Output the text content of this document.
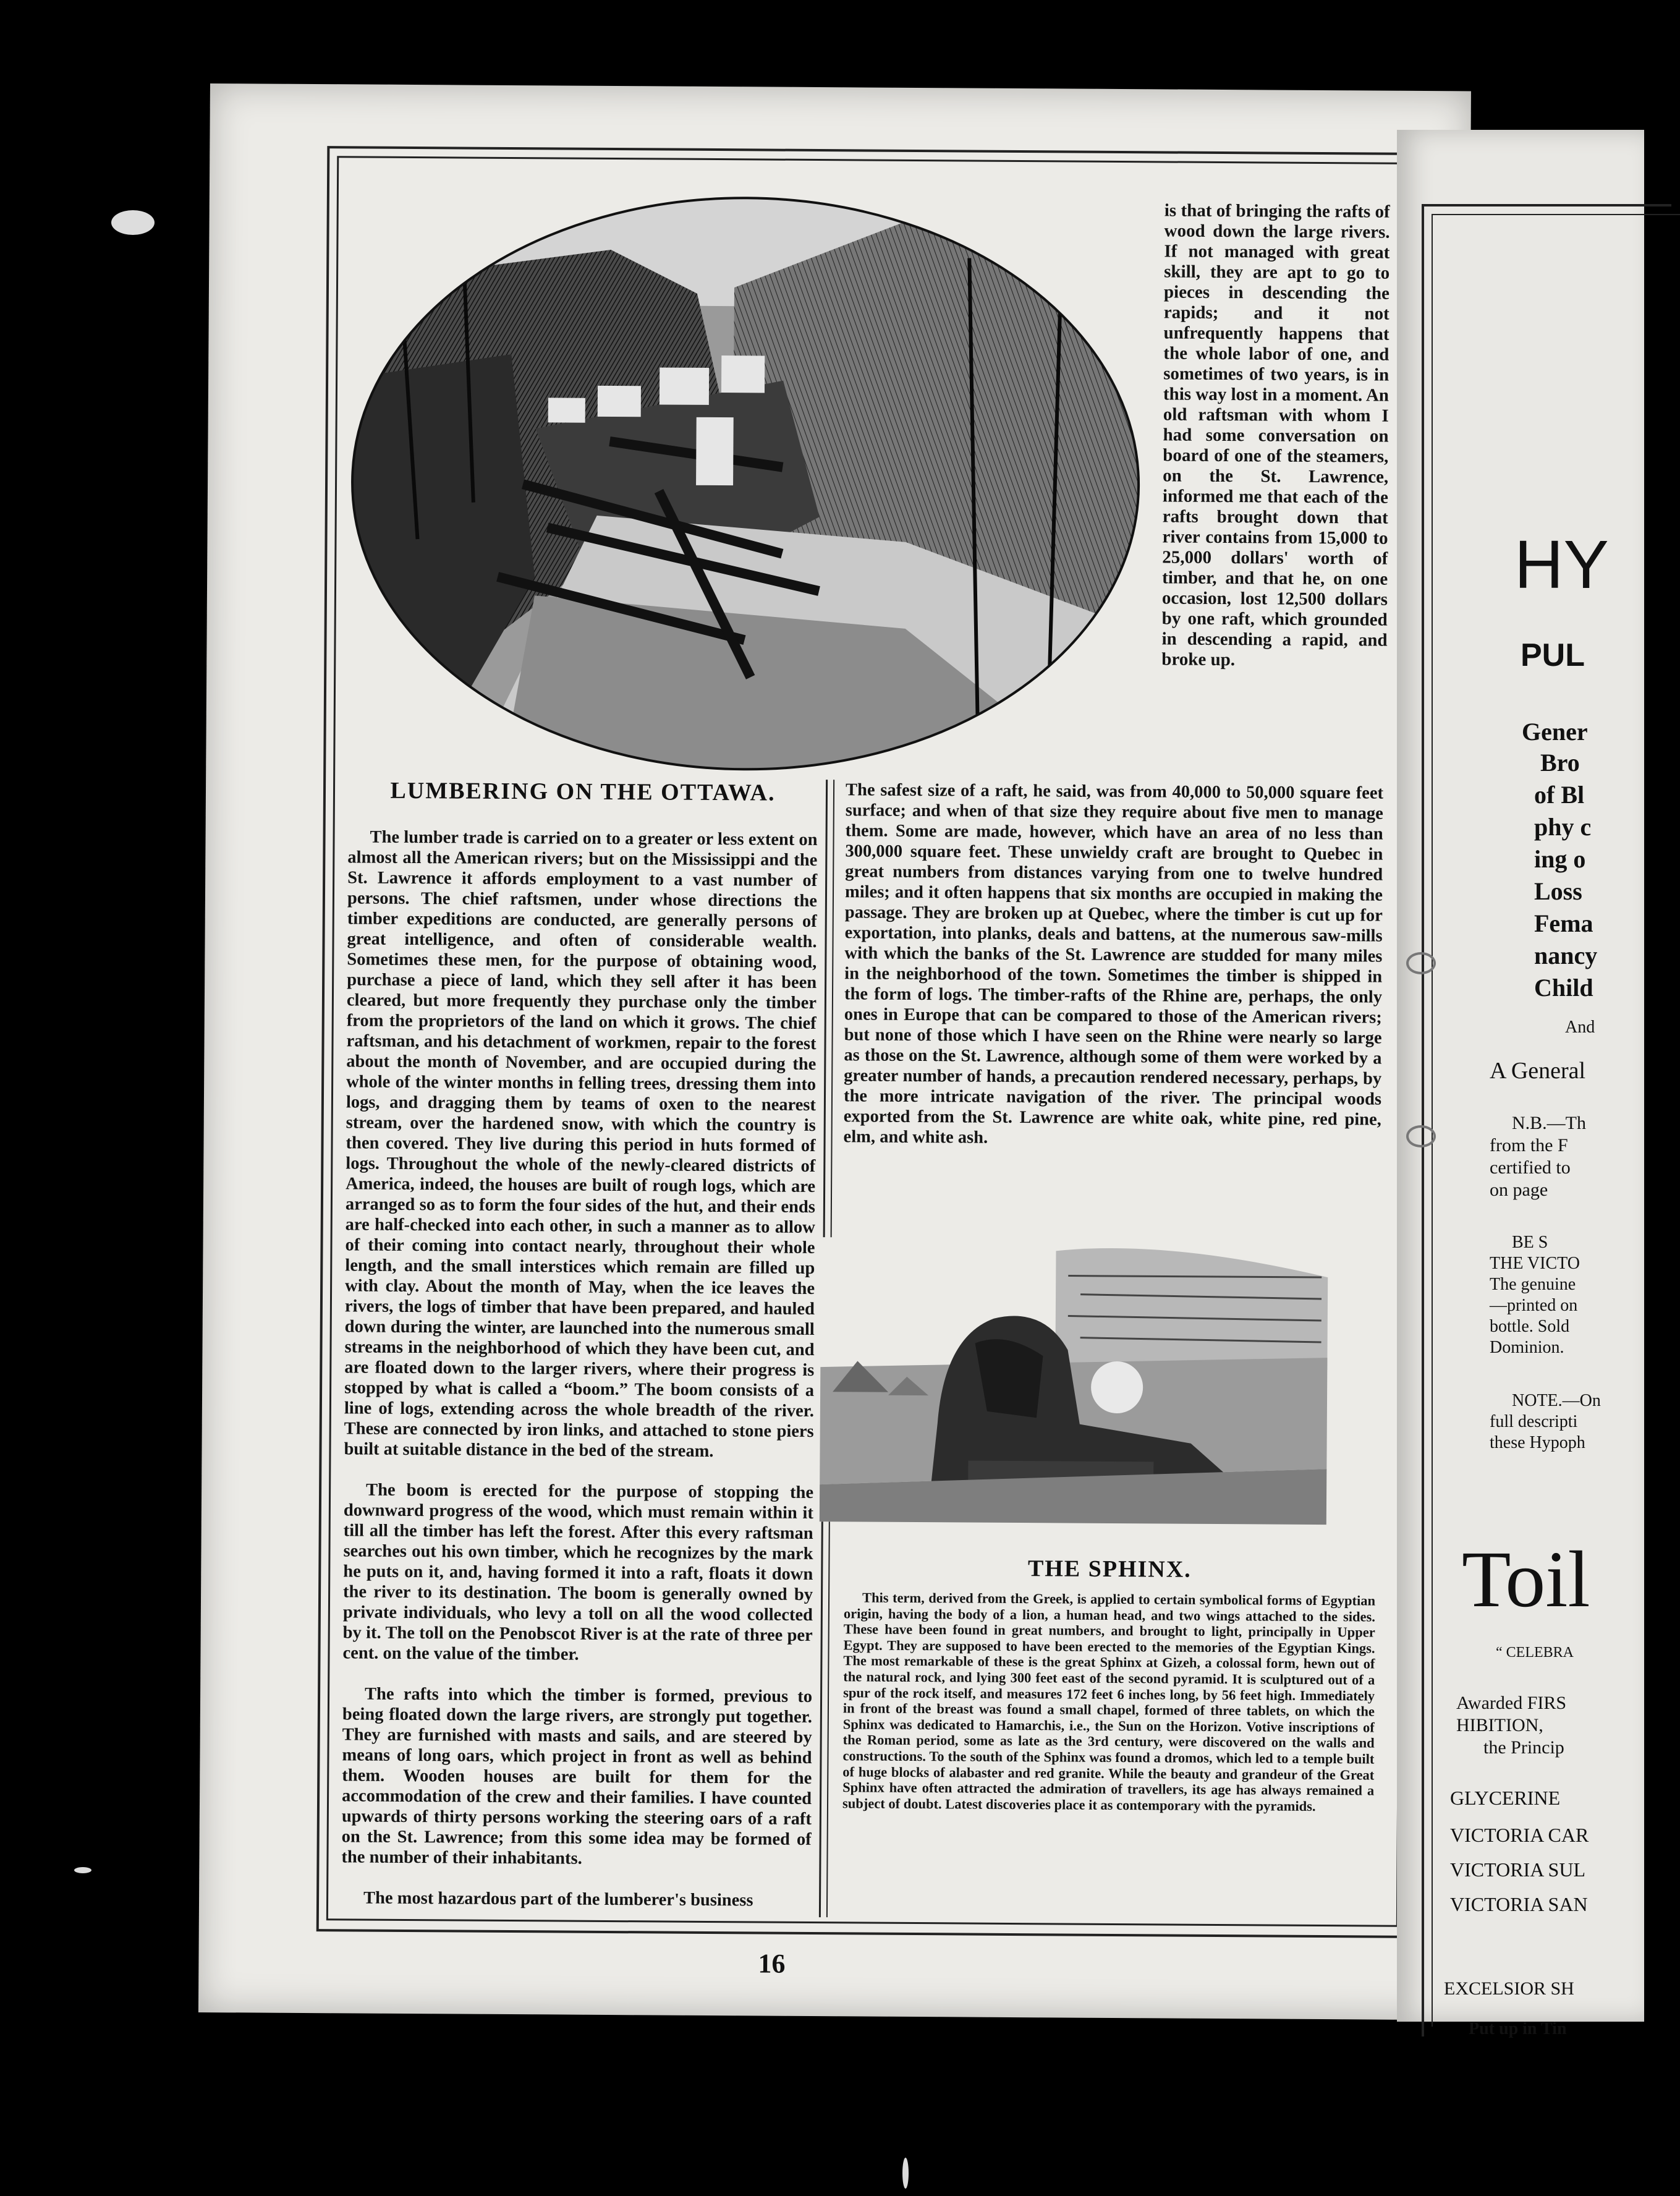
is that of bringing the rafts of wood down the large rivers. If not managed with great skill, they are apt to go to pieces in descending the rapids; and it not unfrequently happens that the whole labor of one, and sometimes of two years, is in this way lost in a moment. An old raftsman with whom I had some conversation on board of one of the steamers, on the St. Lawrence, informed me that each of the rafts brought down that river contains from 15,000 to 25,000 dollars' worth of timber, and that he, on one occasion, lost 12,500 dollars by one raft, which grounded in descending a rapid, and broke up.
LUMBERING ON THE OTTAWA.

The lumber trade is carried on to a greater or less extent on almost all the American rivers; but on the Mississippi and the St. Lawrence it affords employment to a vast number of persons. The chief raftsmen, under whose directions the timber expeditions are conducted, are generally persons of great intelligence, and often of considerable wealth. Sometimes these men, for the purpose of obtaining wood, purchase a piece of land, which they sell after it has been cleared, but more frequently they purchase only the timber from the proprietors of the land on which it grows. The chief raftsman, and his detachment of workmen, repair to the forest about the month of November, and are occupied during the whole of the winter months in felling trees, dressing them into logs, and dragging them by teams of oxen to the nearest stream, over the hardened snow, with which the country is then covered. They live during this period in huts formed of logs. Throughout the whole of the newly-cleared districts of America, indeed, the houses are built of rough logs, which are arranged so as to form the four sides of the hut, and their ends are half-checked into each other, in such a manner as to allow of their coming into contact nearly, throughout their whole length, and the small interstices which remain are filled up with clay. About the month of May, when the ice leaves the rivers, the logs of timber that have been prepared, and hauled down during the winter, are launched into the numerous small streams in the neighborhood of which they have been cut, and are floated down to the larger rivers, where their progress is stopped by what is called a “boom.” The boom consists of a line of logs, extending across the whole breadth of the river. These are connected by iron links, and attached to stone piers built at suitable distance in the bed of the stream.

The boom is erected for the purpose of stopping the downward progress of the wood, which must remain within it till all the timber has left the forest. After this every raftsman searches out his own timber, which he recognizes by the mark he puts on it, and, having formed it into a raft, floats it down the river to its destination. The boom is generally owned by private individuals, who levy a toll on all the wood collected by it. The toll on the Penobscot River is at the rate of three per cent. on the value of the timber.

The rafts into which the timber is formed, previous to being floated down the large rivers, are strongly put together. They are furnished with masts and sails, and are steered by means of long oars, which project in front as well as behind them. Wooden houses are built for them for the accommodation of the crew and their families. I have counted upwards of thirty persons working the steering oars of a raft on the St. Lawrence; from this some idea may be formed of the number of their inhabitants.

The most hazardous part of the lumberer's business

The safest size of a raft, he said, was from 40,000 to 50,000 square feet surface; and when of that size they require about five men to manage them. Some are made, however, which have an area of no less than 300,000 square feet. These unwieldy craft are brought to Quebec in great numbers from distances varying from one to twelve hundred miles; and it often happens that six months are occupied in making the passage. They are broken up at Quebec, where the timber is cut up for exportation, into planks, deals and battens, at the numerous saw-mills with which the banks of the St. Lawrence are studded for many miles in the neighborhood of the town. Sometimes the timber is shipped in the form of logs. The timber-rafts of the Rhine are, perhaps, the only ones in Europe that can be compared to those of the American rivers; but none of those which I have seen on the Rhine were nearly so large as those on the St. Lawrence, although some of them were worked by a greater number of hands, a precaution rendered necessary, perhaps, by the more intricate navigation of the river. The principal woods exported from the St. Lawrence are white oak, white pine, red pine, elm, and white ash.
THE SPHINX.
This term, derived from the Greek, is applied to certain symbolical forms of Egyptian origin, having the body of a lion, a human head, and two wings attached to the sides. These have been found in great numbers, and brought to light, principally in Upper Egypt. They are supposed to have been erected to the memories of the Egyptian Kings. The most remarkable of these is the great Sphinx at Gizeh, a colossal form, hewn out of the natural rock, and lying 300 feet east of the second pyramid. It is sculptured out of a spur of the rock itself, and measures 172 feet 6 inches long, by 56 feet high. Immediately in front of the breast was found a small chapel, formed of three tablets, on which the Sphinx was dedicated to Hamarchis, i.e., the Sun on the Horizon. Votive inscriptions of the Roman period, some as late as the 3rd century, were discovered on the walls and constructions. To the south of the Sphinx was found a dromos, which led to a temple built of huge blocks of alabaster and red granite. While the beauty and grandeur of the Great Sphinx have often attracted the admiration of travellers, its age has always remained a subject of doubt. Latest discoveries place it as contemporary with the pyramids.
16
HY
PUL
Gener
Bro
of Bl
phy c
ing o
Loss
Fema
nancy
Child
And
A General
N.B.—Th
from the F
certified to
on page
BE S
THE VICTO
The genuine
—printed on
bottle. Sold
Dominion.
NOTE.—On
full descripti
these Hypoph
Toil
“ CELEBRA
Awarded FIRS
HIBITION,
the Princip
GLYCERINE
VICTORIA CAR
VICTORIA SUL
VICTORIA SAN
EXCELSIOR SH
Put up in Tin
